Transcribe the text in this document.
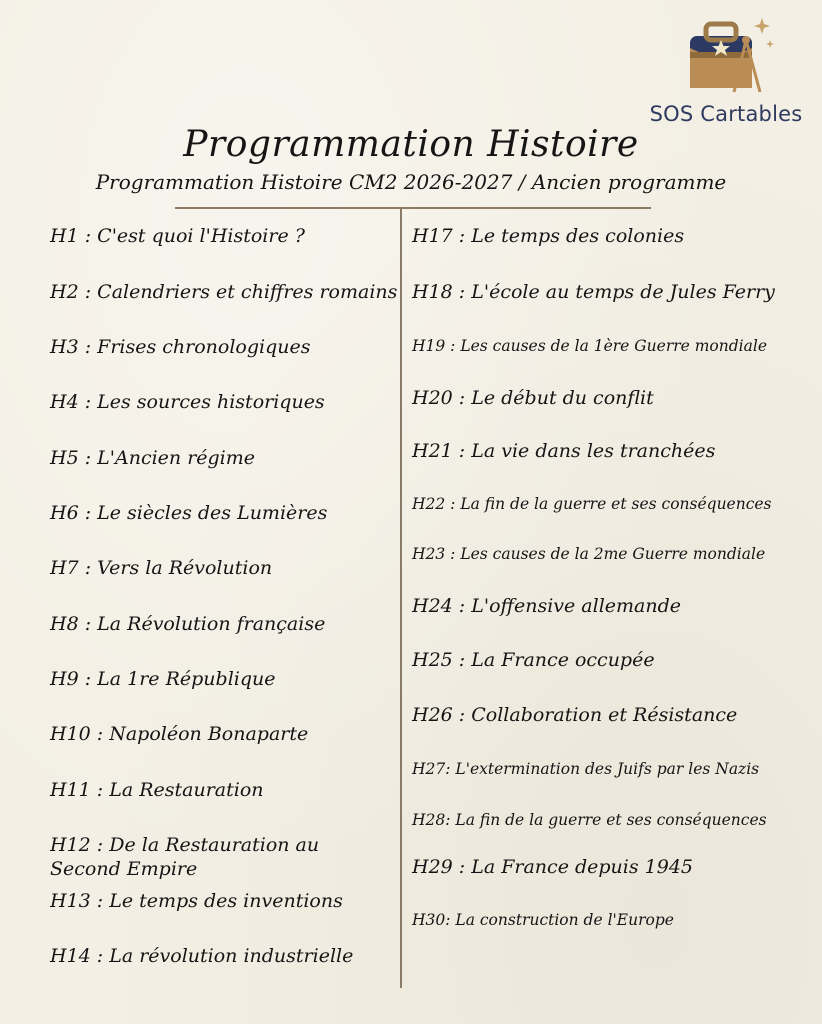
SOS Cartables
Programmation Histoire
Programmation Histoire CM2 2026-2027 / Ancien programme
H1 : C'est quoi l'Histoire ?
H2 : Calendriers et chiffres romains
H3 : Frises chronologiques
H4 : Les sources historiques
H5 : L'Ancien régime
H6 : Le siècles des Lumières
H7 : Vers la Révolution
H8 : La Révolution française
H9 : La 1re République
H10 : Napoléon Bonaparte
H11 : La Restauration
H12 : De la Restauration au Second Empire
H13 : Le temps des inventions
H14 : La révolution industrielle
H17 : Le temps des colonies
H18 : L'école au temps de Jules Ferry
H19 : Les causes de la 1ère Guerre mondiale
H20 : Le début du conflit
H21 : La vie dans les tranchées
H22 : La fin de la guerre et ses conséquences
H23 : Les causes de la 2me Guerre mondiale
H24 : L'offensive allemande
H25 : La France occupée
H26 : Collaboration et Résistance
H27: L'extermination des Juifs par les Nazis
H28: La fin de la guerre et ses conséquences
H29 : La France depuis 1945
H30: La construction de l'Europe
